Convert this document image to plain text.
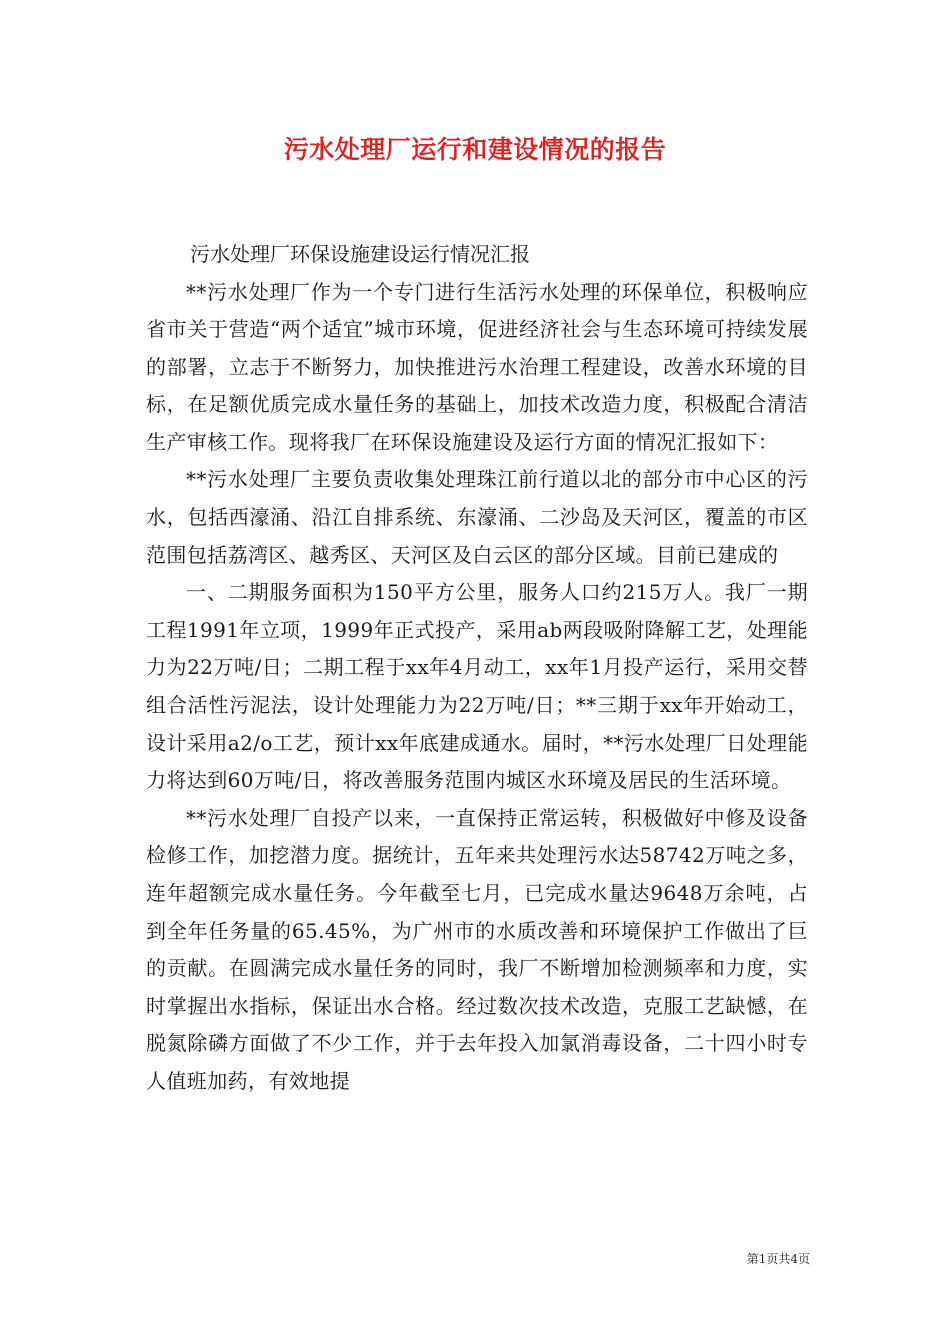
污水处理厂运行和建设情况的报告

污水处理厂环保设施建设运行情况汇报

**污水处理厂作为一个专门进行生活污水处理的环保单位，积极响应省市关于营造“两个适宜”城市环境，促进经济社会与生态环境可持续发展的部署，立志于不断努力，加快推进污水治理工程建设，改善水环境的目标，在足额优质完成水量任务的基础上，加技术改造力度，积极配合清洁生产审核工作。现将我厂在环保设施建设及运行方面的情况汇报如下：

**污水处理厂主要负责收集处理珠江前行道以北的部分市中心区的污水，包括西濠涌、沿江自排系统、东濠涌、二沙岛及天河区，覆盖的市区范围包括荔湾区、越秀区、天河区及白云区的部分区域。目前已建成的

一、二期服务面积为150平方公里，服务人口约215万人。我厂一期工程1991年立项，1999年正式投产，采用ab两段吸附降解工艺，处理能力为22万吨/日；二期工程于xx年4月动工，xx年1月投产运行，采用交替组合活性污泥法，设计处理能力为22万吨/日；**三期于xx年开始动工，设计采用a2/o工艺，预计xx年底建成通水。届时，**污水处理厂日处理能力将达到60万吨/日，将改善服务范围内城区水环境及居民的生活环境。

**污水处理厂自投产以来，一直保持正常运转，积极做好中修及设备检修工作，加挖潜力度。据统计，五年来共处理污水达58742万吨之多，连年超额完成水量任务。今年截至七月，已完成水量达9648万余吨，占到全年任务量的65.45%，为广州市的水质改善和环境保护工作做出了巨的贡献。在圆满完成水量任务的同时，我厂不断增加检测频率和力度，实时掌握出水指标，保证出水合格。经过数次技术改造，克服工艺缺憾，在脱氮除磷方面做了不少工作，并于去年投入加氯消毒设备，二十四小时专人值班加药，有效地提

第1页共4页
